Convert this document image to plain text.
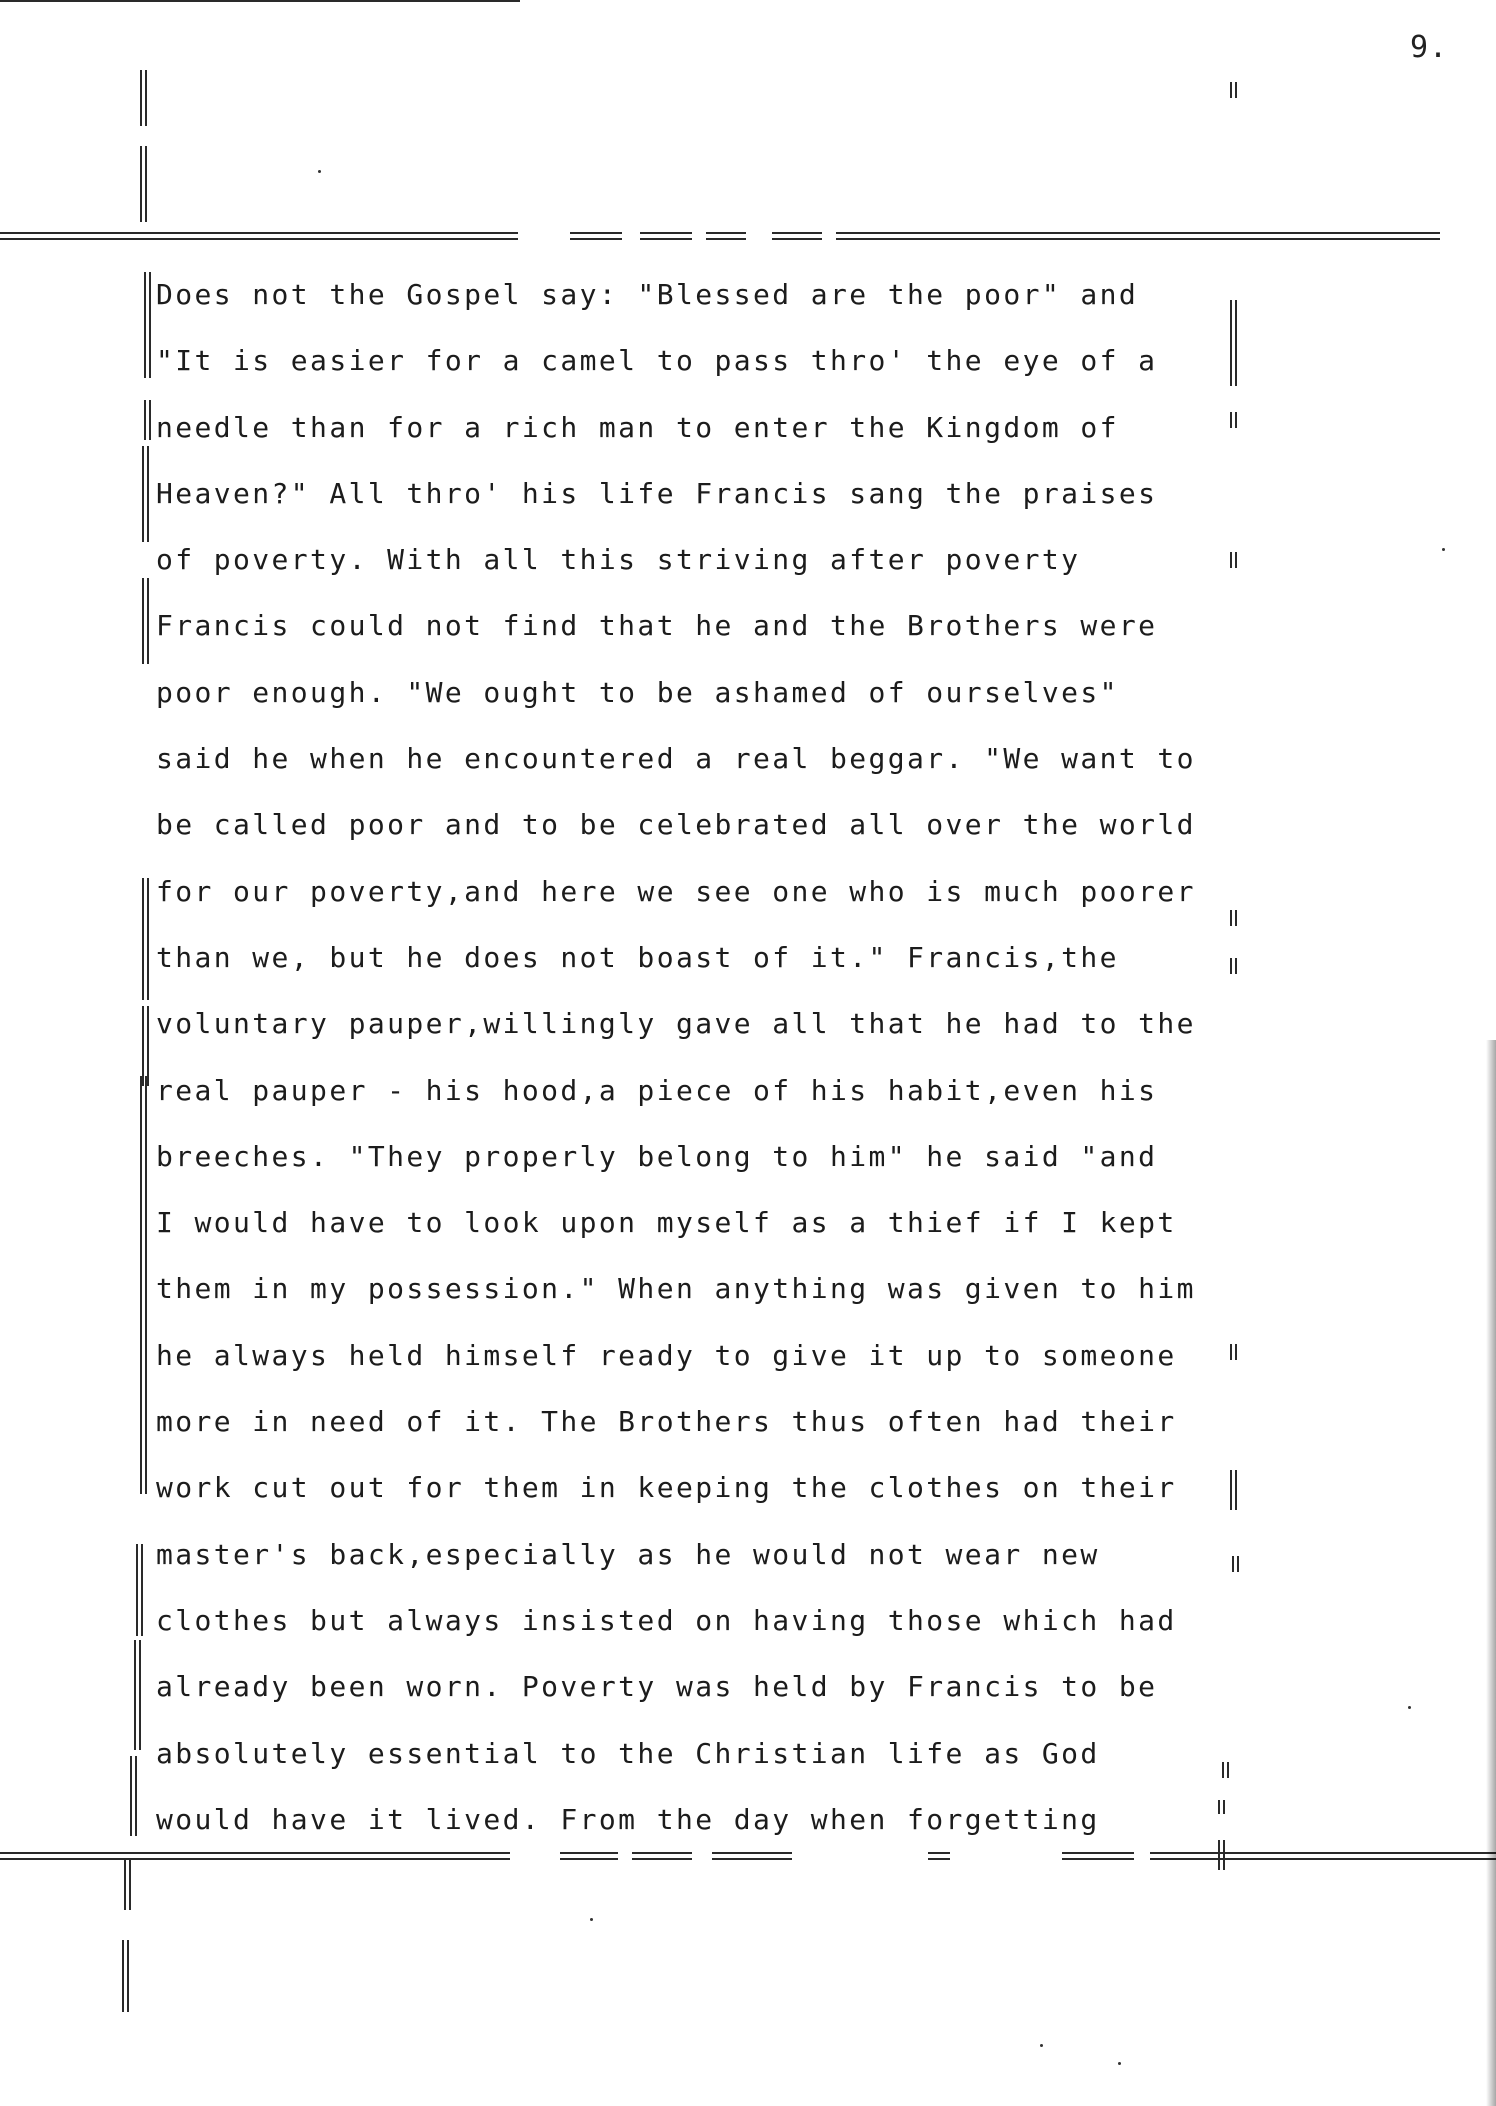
9.
Does not the Gospel say: "Blessed are the poor" and
"It is easier for a camel to pass thro' the eye of a
needle than for a rich man to enter the Kingdom of
Heaven?" All thro' his life Francis sang the praises
of poverty. With all this striving after poverty
Francis could not find that he and the Brothers were
poor enough. "We ought to be ashamed of ourselves"
said he when he encountered a real beggar. "We want to
be called poor and to be celebrated all over the world
for our poverty,and here we see one who is much poorer
than we, but he does not boast of it." Francis,the
voluntary pauper,willingly gave all that he had to the
real pauper - his hood,a piece of his habit,even his
breeches. "They properly belong to him" he said "and
I would have to look upon myself as a thief if I kept
them in my possession." When anything was given to him
he always held himself ready to give it up to someone
more in need of it. The Brothers thus often had their
work cut out for them in keeping the clothes on their
master's back,especially as he would not wear new
clothes but always insisted on having those which had
already been worn. Poverty was held by Francis to be
absolutely essential to the Christian life as God
would have it lived. From the day when forgetting
